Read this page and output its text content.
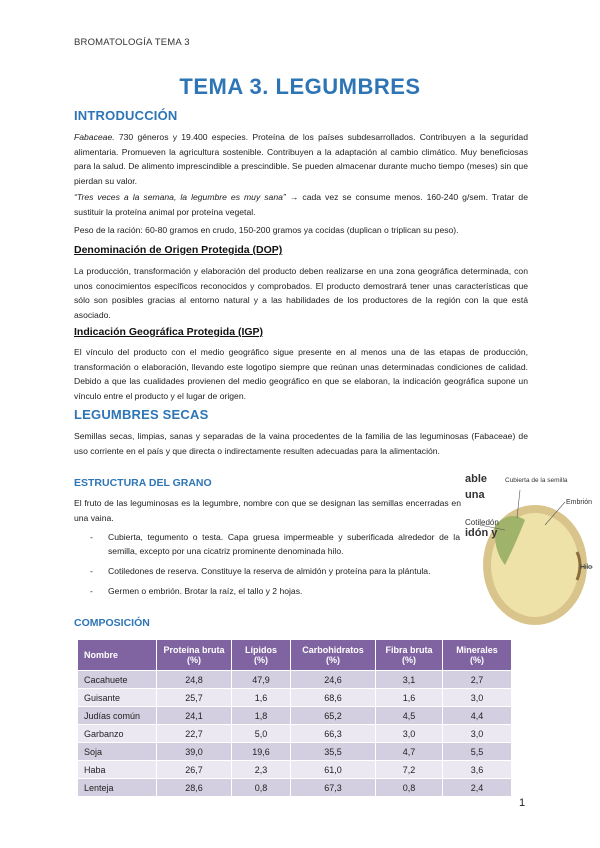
BROMATOLOGÍA TEMA 3
TEMA 3. LEGUMBRES
INTRODUCCIÓN
Fabaceae. 730 géneros y 19.400 especies. Proteína de los países subdesarrollados. Contribuyen a la seguridad alimentaria. Promueven la agricultura sostenible. Contribuyen a la adaptación al cambio climático. Muy beneficiosas para la salud. De alimento imprescindible a prescindible. Se pueden almacenar durante mucho tiempo (meses) sin que pierdan su valor.
“Tres veces a la semana, la legumbre es muy sana” → cada vez se consume menos. 160-240 g/sem. Tratar de sustituir la proteína animal por proteína vegetal.
Peso de la ración: 60-80 gramos en crudo, 150-200 gramos ya cocidas (duplican o triplican su peso).
Denominación de Origen Protegida (DOP)
La producción, transformación y elaboración del producto deben realizarse en una zona geográfica determinada, con unos conocimientos específicos reconocidos y comprobados. El producto demostrará tener unas características que sólo son posibles gracias al entorno natural y a las habilidades de los productores de la región con la que está asociado.
Indicación Geográfica Protegida (IGP)
El vínculo del producto con el medio geográfico sigue presente en al menos una de las etapas de producción, transformación o elaboración, llevando este logotipo siempre que reúnan unas determinadas condiciones de calidad. Debido a que las cualidades provienen del medio geográfico en que se elaboran, la indicación geográfica supone un vínculo entre el producto y el lugar de origen.
LEGUMBRES SECAS
Semillas secas, limpias, sanas y separadas de la vaina procedentes de la familia de las leguminosas (Fabaceae) de uso corriente en el país y que directa o indirectamente resulten adecuadas para la alimentación.
ESTRUCTURA DEL GRANO
El fruto de las leguminosas es la legumbre, nombre con que se designan las semillas encerradas en una vaina.
- Cubierta, tegumento o testa. Capa gruesa impermeable y suberificada alrededor de la semilla, excepto por una cicatriz prominente denominada hilo.
- Cotiledones de reserva. Constituye la reserva de almidón y proteína para la plántula.
- Germen o embrión. Brotar la raíz, el tallo y 2 hojas.
able
una
Cotiledón
idón y
Cubierta de la semilla
Embrión
Hilo
COMPOSICIÓN
Nombre	Proteína bruta (%)	Lípidos (%)	Carbohidratos (%)	Fibra bruta (%)	Minerales (%)
Cacahuete	24,8	47,9	24,6	3,1	2,7
Guisante	25,7	1,6	68,6	1,6	3,0
Judías común	24,1	1,8	65,2	4,5	4,4
Garbanzo	22,7	5,0	66,3	3,0	3,0
Soja	39,0	19,6	35,5	4,7	5,5
Haba	26,7	2,3	61,0	7,2	3,6
Lenteja	28,6	0,8	67,3	0,8	2,4
1
